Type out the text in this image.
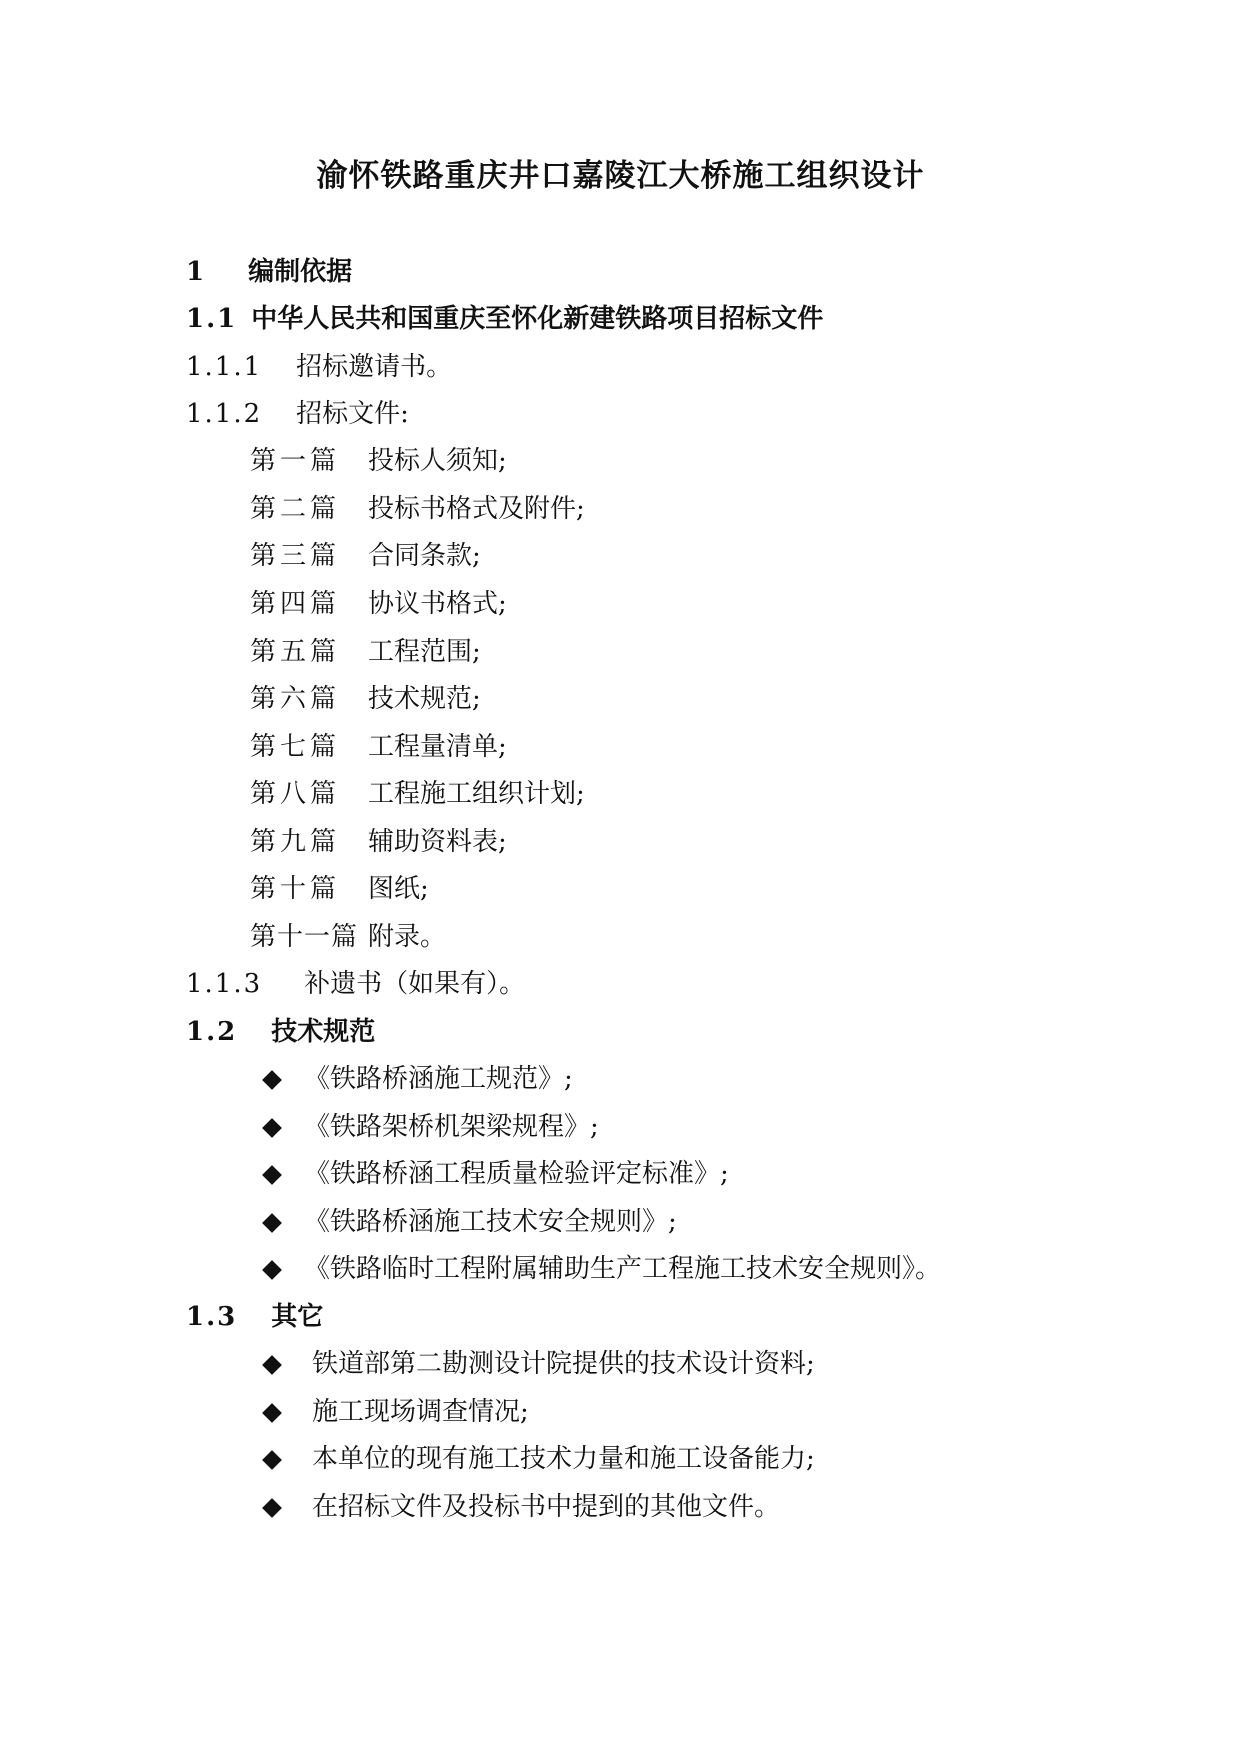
渝怀铁路重庆井口嘉陵江大桥施工组织设计
1 编制依据
1.1 中华人民共和国重庆至怀化新建铁路项目招标文件
1.1.1 招标邀请书。
1.1.2 招标文件:
第一篇 投标人须知;
第二篇 投标书格式及附件;
第三篇 合同条款;
第四篇 协议书格式;
第五篇 工程范围;
第六篇 技术规范;
第七篇 工程量清单;
第八篇 工程施工组织计划;
第九篇 辅助资料表;
第十篇 图纸;
第十一篇 附录。
1.1.3 补遗书（如果有）。
1.2 技术规范
《铁路桥涵施工规范》;
《铁路架桥机架梁规程》;
《铁路桥涵工程质量检验评定标准》;
《铁路桥涵施工技术安全规则》;
《铁路临时工程附属辅助生产工程施工技术安全规则》。
1.3 其它
铁道部第二勘测设计院提供的技术设计资料;
施工现场调查情况;
本单位的现有施工技术力量和施工设备能力;
在招标文件及投标书中提到的其他文件。
